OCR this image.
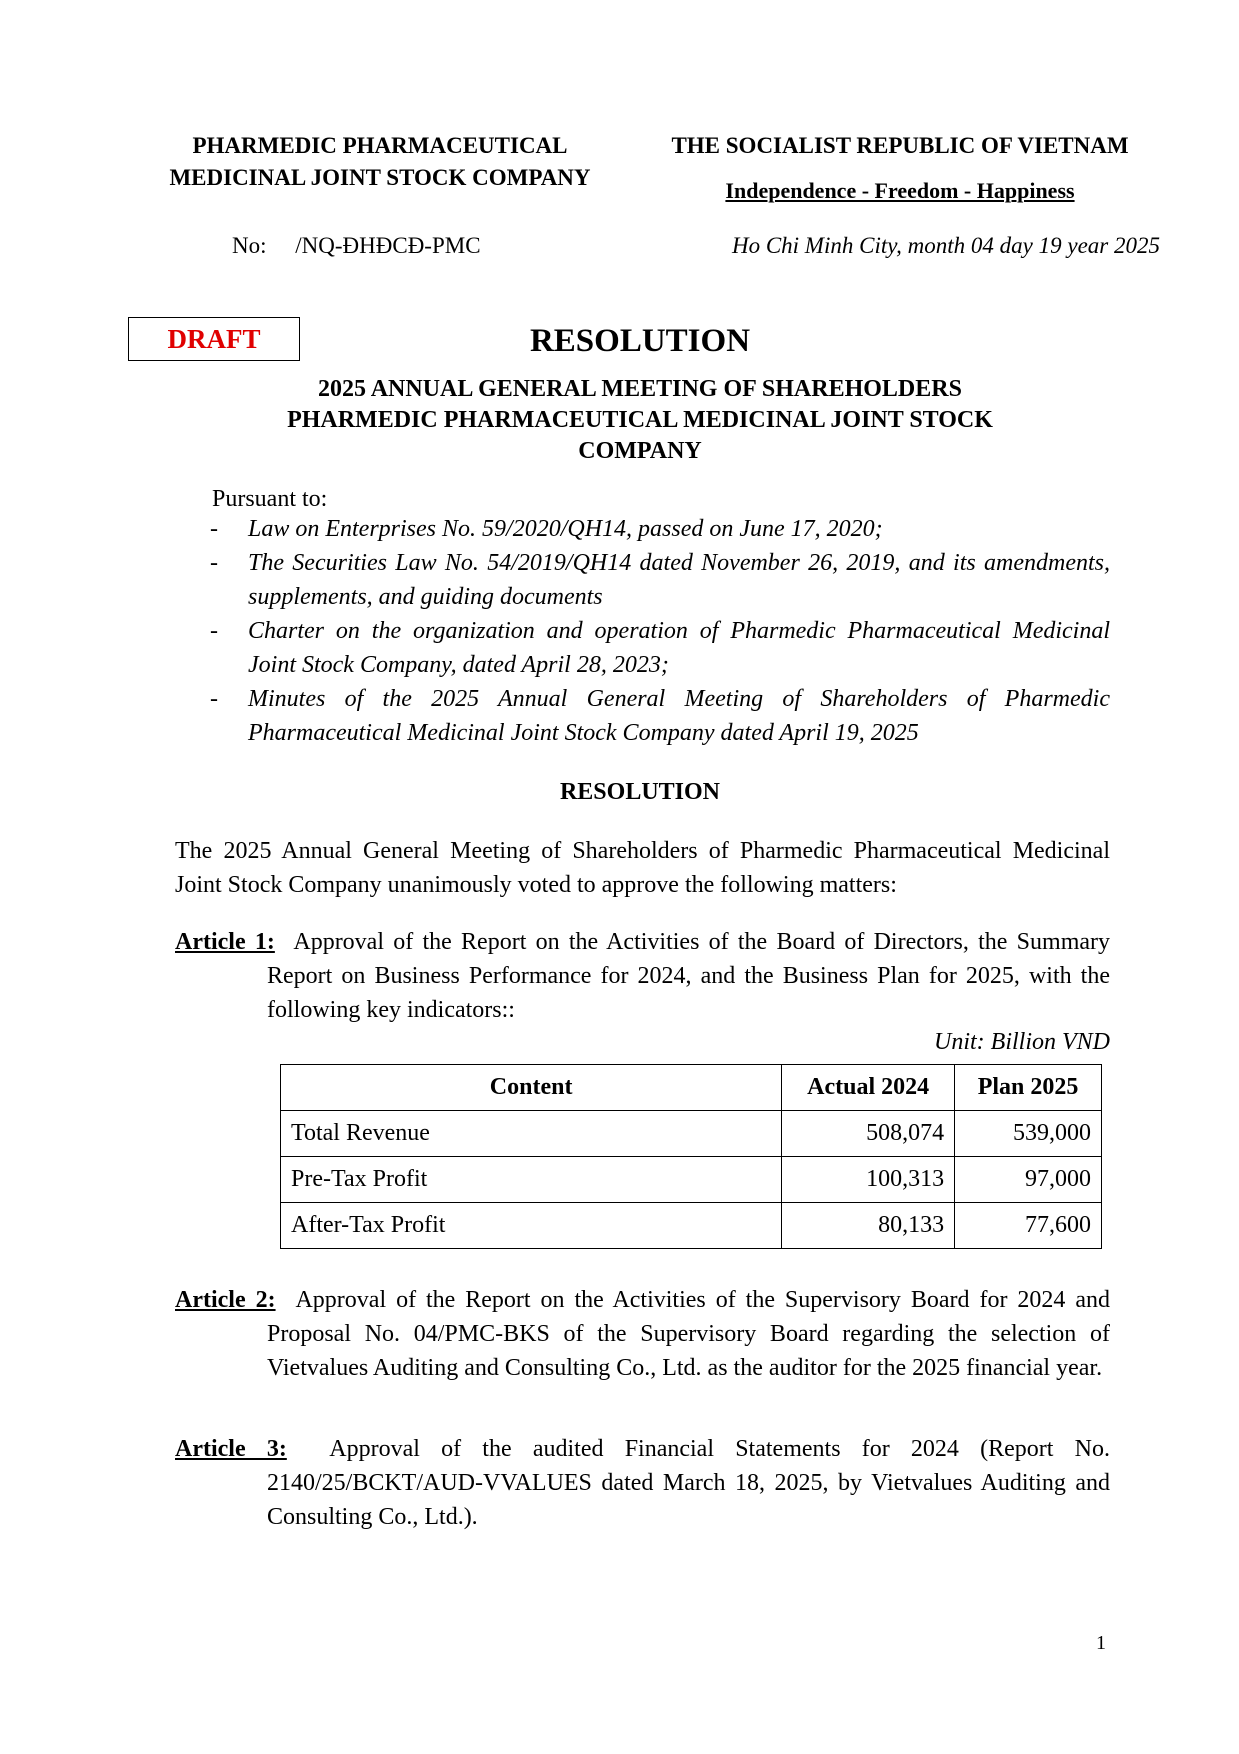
PHARMEDIC PHARMACEUTICAL
MEDICINAL JOINT STOCK COMPANY
THE SOCIALIST REPUBLIC OF VIETNAM
Independence - Freedom - Happiness
No: /NQ-ĐHĐCĐ-PMC	Ho Chi Minh City, month 04 day 19 year 2025
DRAFT	RESOLUTION
2025 ANNUAL GENERAL MEETING OF SHAREHOLDERS
PHARMEDIC PHARMACEUTICAL MEDICINAL JOINT STOCK
COMPANY
Pursuant to:
- Law on Enterprises No. 59/2020/QH14, passed on June 17, 2020;
- The Securities Law No. 54/2019/QH14 dated November 26, 2019, and its amendments, supplements, and guiding documents
- Charter on the organization and operation of Pharmedic Pharmaceutical Medicinal Joint Stock Company, dated April 28, 2023;
- Minutes of the 2025 Annual General Meeting of Shareholders of Pharmedic Pharmaceutical Medicinal Joint Stock Company dated April 19, 2025
RESOLUTION
The 2025 Annual General Meeting of Shareholders of Pharmedic Pharmaceutical Medicinal Joint Stock Company unanimously voted to approve the following matters:
Article 1: Approval of the Report on the Activities of the Board of Directors, the Summary Report on Business Performance for 2024, and the Business Plan for 2025, with the following key indicators::
Unit: Billion VND
Content	Actual 2024	Plan 2025
Total Revenue	508,074	539,000
Pre-Tax Profit	100,313	97,000
After-Tax Profit	80,133	77,600
Article 2: Approval of the Report on the Activities of the Supervisory Board for 2024 and Proposal No. 04/PMC-BKS of the Supervisory Board regarding the selection of Vietvalues Auditing and Consulting Co., Ltd. as the auditor for the 2025 financial year.
Article 3: Approval of the audited Financial Statements for 2024 (Report No. 2140/25/BCKT/AUD-VVALUES dated March 18, 2025, by Vietvalues Auditing and Consulting Co., Ltd.).
1
